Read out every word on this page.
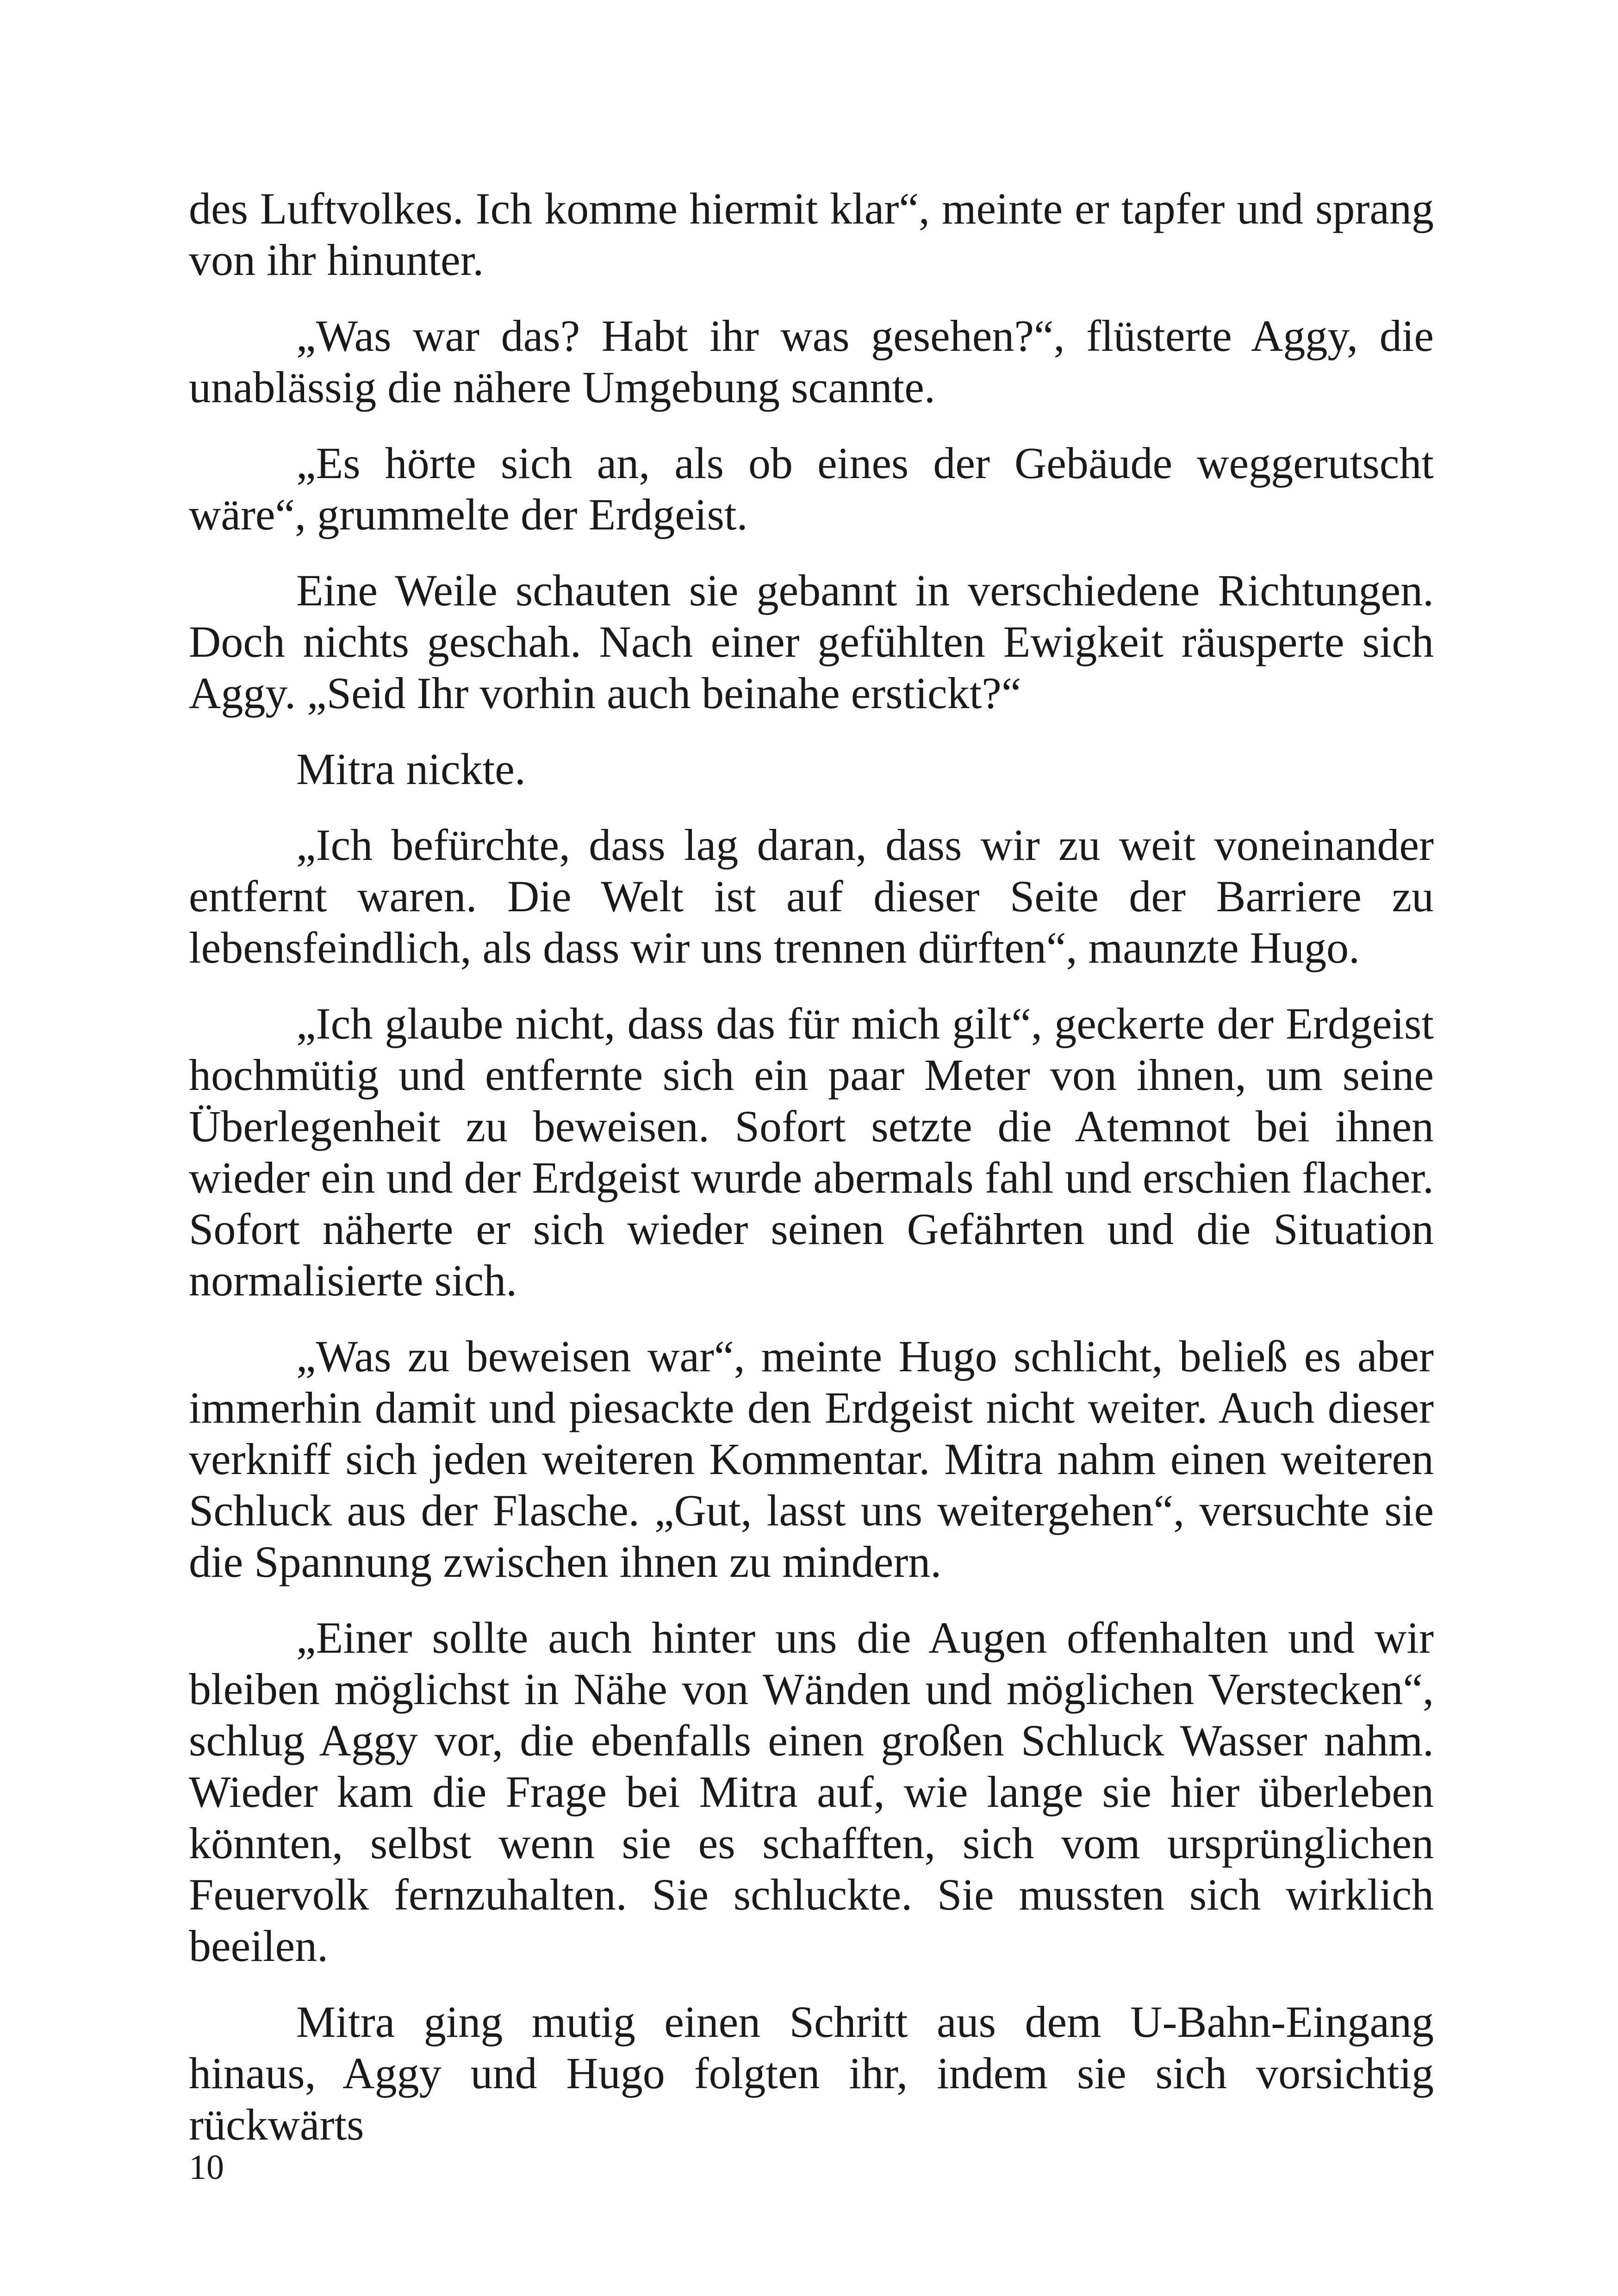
des Luftvolkes. Ich komme hiermit klar“, meinte er tapfer und sprang von ihr hinunter.

„Was war das? Habt ihr was gesehen?“, flüsterte Aggy, die unablässig die nähere Umgebung scannte.

„Es hörte sich an, als ob eines der Gebäude weggerutscht wäre“, grummelte der Erdgeist.

Eine Weile schauten sie gebannt in verschiedene Richtungen. Doch nichts geschah. Nach einer gefühlten Ewigkeit räusperte sich Aggy. „Seid Ihr vorhin auch beinahe erstickt?“

Mitra nickte.

„Ich befürchte, dass lag daran, dass wir zu weit voneinander entfernt waren. Die Welt ist auf dieser Seite der Barriere zu lebensfeindlich, als dass wir uns trennen dürften“, maunzte Hugo.

„Ich glaube nicht, dass das für mich gilt“, geckerte der Erdgeist hochmütig und entfernte sich ein paar Meter von ihnen, um seine Überlegenheit zu beweisen. Sofort setzte die Atemnot bei ihnen wieder ein und der Erdgeist wurde abermals fahl und erschien flacher. Sofort näherte er sich wieder seinen Gefährten und die Situation normalisierte sich.

„Was zu beweisen war“, meinte Hugo schlicht, beließ es aber immerhin damit und piesackte den Erdgeist nicht weiter. Auch dieser verkniff sich jeden weiteren Kommentar. Mitra nahm einen weiteren Schluck aus der Flasche. „Gut, lasst uns weitergehen“, versuchte sie die Spannung zwischen ihnen zu mindern.

„Einer sollte auch hinter uns die Augen offenhalten und wir bleiben möglichst in Nähe von Wänden und möglichen Verstecken“, schlug Aggy vor, die ebenfalls einen großen Schluck Wasser nahm. Wieder kam die Frage bei Mitra auf, wie lange sie hier überleben könnten, selbst wenn sie es schafften, sich vom ursprünglichen Feuervolk fernzuhalten. Sie schluckte. Sie mussten sich wirklich beeilen.

Mitra ging mutig einen Schritt aus dem U-Bahn-Eingang hinaus, Aggy und Hugo folgten ihr, indem sie sich vorsichtig rückwärts

10
